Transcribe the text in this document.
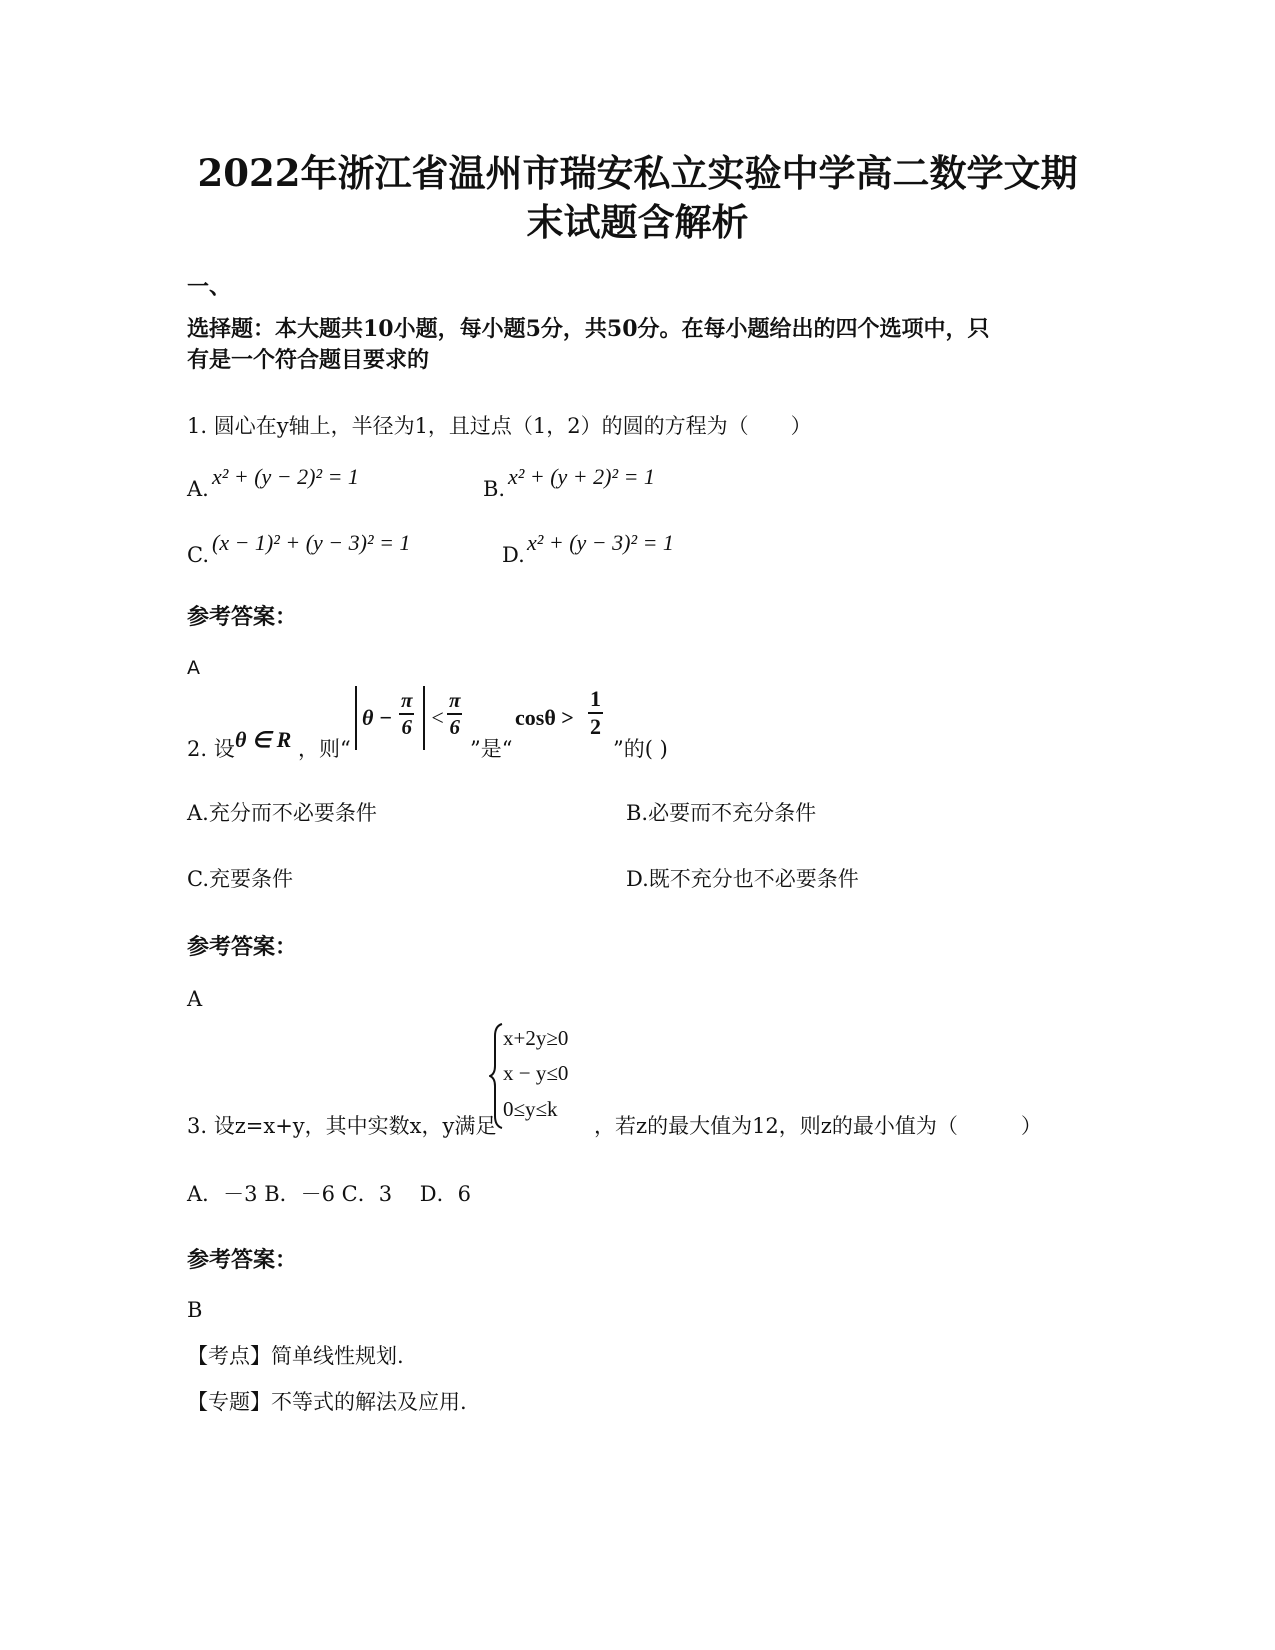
2022年浙江省温州市瑞安私立实验中学高二数学文期
末试题含解析
一、
选择题：本大题共10小题，每小题5分，共50分。在每小题给出的四个选项中，只
有是一个符合题目要求的
1. 圆心在y轴上，半径为1，且过点（1，2）的圆的方程为（　　）
A. x² + (y − 2)² = 1	B. x² + (y + 2)² = 1
C. (x − 1)² + (y − 3)² = 1	D. x² + (y − 3)² = 1
参考答案：
A
2. 设 θ ∈ R ，则“
$\theta - \frac{\pi}{6} < \frac{\pi}{6}$
”是“
$\cos\theta > \frac{1}{2}$
”的( )
A.充分而不必要条件	B.必要而不充分条件
C.充要条件	D.既不充分也不必要条件
参考答案：
A
3. 设z=x+y，其中实数x，y满足
x+2y≥0
x − y≤0
0≤y≤k
，若z的最大值为12，则z的最小值为（　　　）
A．－3 B．－6 C．3　 D．6
参考答案：
B
【考点】简单线性规划.
【专题】不等式的解法及应用.
